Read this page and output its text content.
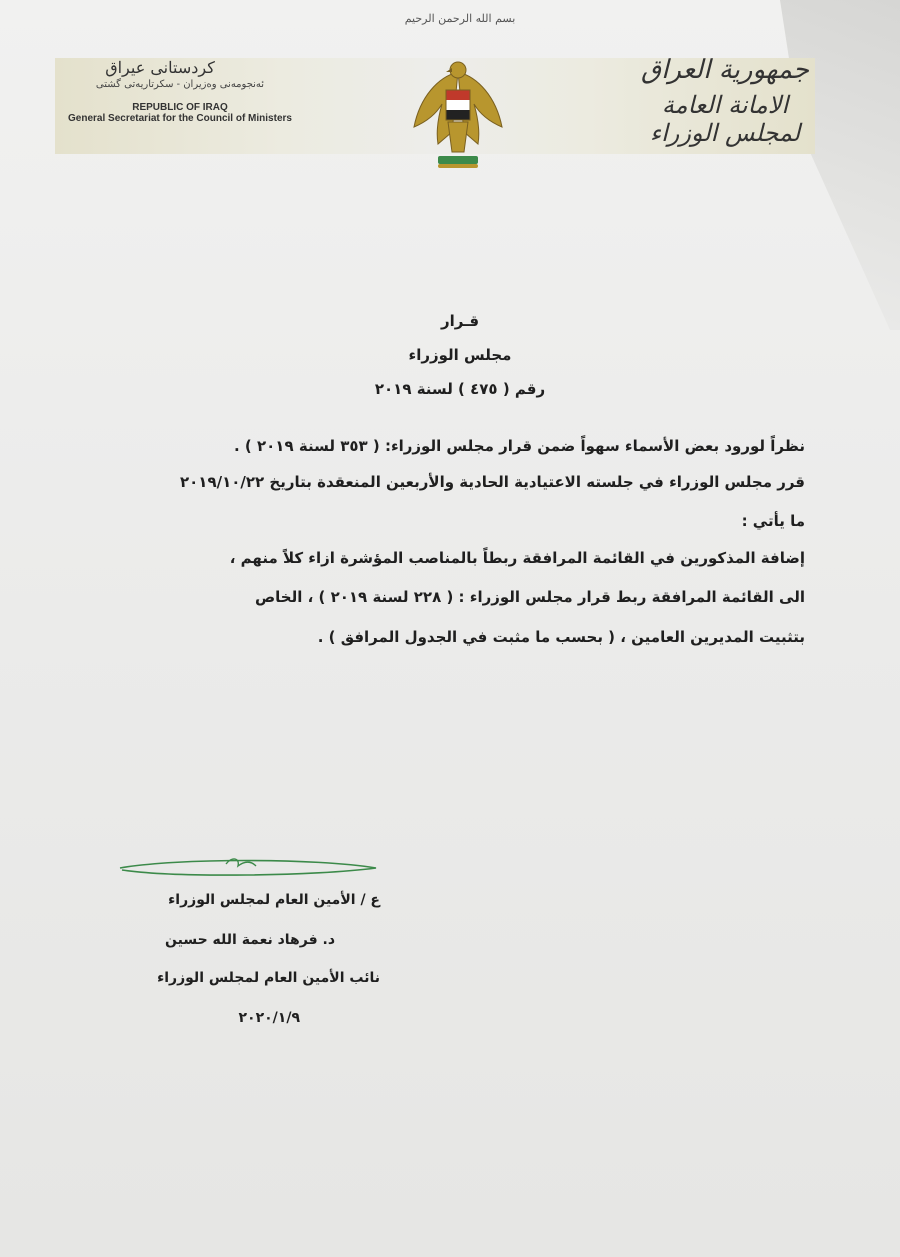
بسم الله الرحمن الرحيم
كردستانی عیراق
ئەنجومەنی وەزیران - سکرتاریەتی گشتی
REPUBLIC OF IRAQ
General Secretariat for the Council of Ministers
جمهورية العراق
الامانة العامة لمجلس الوزراء
قـرار
مجلس الوزراء
رقم ( ٤٧٥ ) لسنة ٢٠١٩
نظراً لورود بعض الأسماء سهواً ضمن قرار مجلس الوزراء: ( ٣٥٣ لسنة ٢٠١٩ ) .
قرر مجلس الوزراء في جلسته الاعتيادية الحادية والأربعين المنعقدة بتاريخ ٢٠١٩/١٠/٢٢
ما يأتي :
إضافة المذكورين في القائمة المرافقة ربطاً بالمناصب المؤشرة ازاء كلاً منهم ،
الى القائمة المرافقة ربط قرار مجلس الوزراء : ( ٢٢٨ لسنة ٢٠١٩ ) ، الخاص
بتثبيت المديرين العامين ، ( بحسب ما مثبت في الجدول المرافق ) .
ع / الأمين العام لمجلس الوزراء
د. فرهاد نعمة الله حسين
نائب الأمين العام لمجلس الوزراء
٢٠٢٠/١/٩
